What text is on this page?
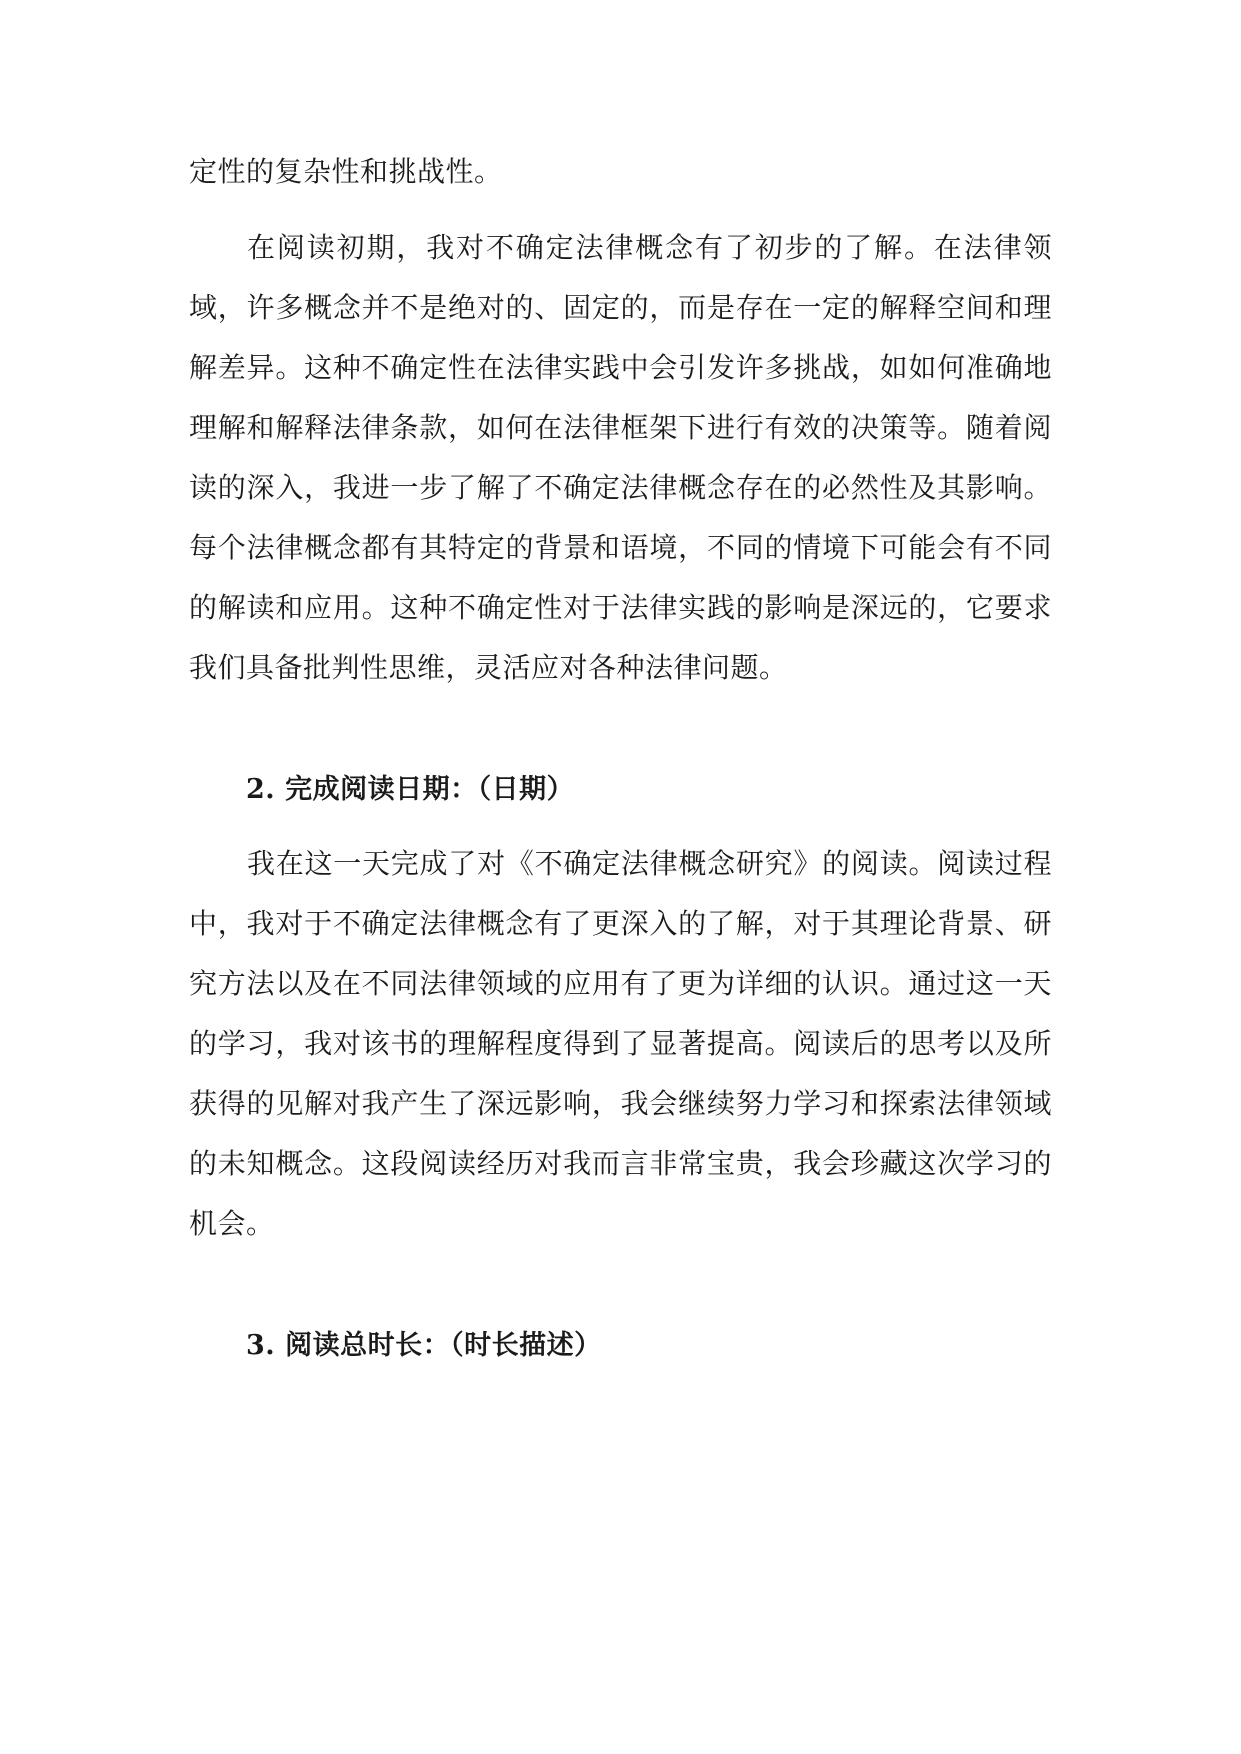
定性的复杂性和挑战性。

在阅读初期，我对不确定法律概念有了初步的了解。在法律领域，许多概念并不是绝对的、固定的，而是存在一定的解释空间和理解差异。这种不确定性在法律实践中会引发许多挑战，如如何准确地理解和解释法律条款，如何在法律框架下进行有效的决策等。随着阅读的深入，我进一步了解了不确定法律概念存在的必然性及其影响。每个法律概念都有其特定的背景和语境，不同的情境下可能会有不同的解读和应用。这种不确定性对于法律实践的影响是深远的，它要求我们具备批判性思维，灵活应对各种法律问题。

2. 完成阅读日期：（日期）

我在这一天完成了对《不确定法律概念研究》的阅读。阅读过程中，我对于不确定法律概念有了更深入的了解，对于其理论背景、研究方法以及在不同法律领域的应用有了更为详细的认识。通过这一天的学习，我对该书的理解程度得到了显著提高。阅读后的思考以及所获得的见解对我产生了深远影响，我会继续努力学习和探索法律领域的未知概念。这段阅读经历对我而言非常宝贵，我会珍藏这次学习的机会。

3. 阅读总时长：（时长描述）
